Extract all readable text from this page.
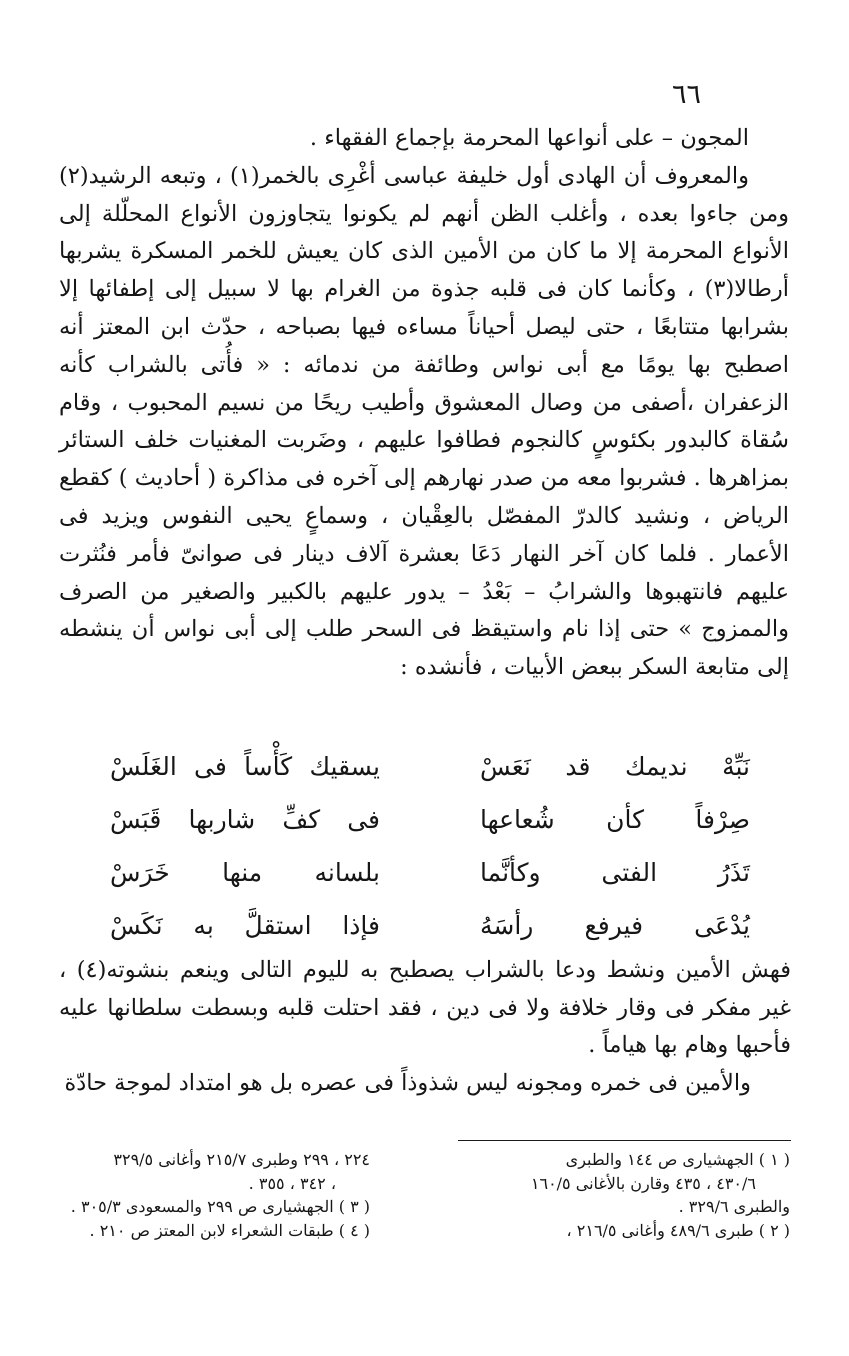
٦٦

المجون – على أنواعها المحرمة بإجماع الفقهاء .

والمعروف أن الهادى أول خليفة عباسى أغْرِى بالخمر(١) ، وتبعه الرشيد(٢) ومن جاءوا بعده ، وأغلب الظن أنهم لم يكونوا يتجاوزون الأنواع المحلّلة إلى الأنواع المحرمة إلا ما كان من الأمين الذى كان يعيش للخمر المسكرة يشربها أرطالا(٣) ، وكأنما كان فى قلبه جذوة من الغرام بها لا سبيل إلى إطفائها إلا بشرابها متتابعًا ، حتى ليصل أحياناً مساءه فيها بصباحه ، حدّث ابن المعتز أنه اصطبح بها يومًا مع أبى نواس وطائفة من ندمائه : « فأُتى بالشراب كأنه الزعفران ،أصفى من وصال المعشوق وأطيب ريحًا من نسيم المحبوب ، وقام سُقاة كالبدور بكئوسٍ كالنجوم فطافوا عليهم ، وضَربت المغنيات خلف الستائر بمزاهرها . فشربوا معه من صدر نهارهم إلى آخره فى مذاكرة ( أحاديث ) كقطع الرياض ، ونشيد كالدرّ المفصّل بالعِقْيان ، وسماعٍ يحيى النفوس ويزيد فى الأعمار . فلما كان آخر النهار دَعَا بعشرة آلاف دينار فى صوانىّ فأمر فنُثرت عليهم فانتهبوها والشرابُ – بَعْدُ – يدور عليهم بالكبير والصغير من الصرف والممزوج » حتى إذا نام واستيقظ فى السحر طلب إلى أبى نواس أن ينشطه إلى متابعة السكر ببعض الأبيات ، فأنشده :

نَبِّهْ نديمك قد نَعَسْ
يسقيك كَأْساً فى الغَلَسْ
صِرْفاً كأن شُعاعها
فى كفِّ شاربها قَبَسْ
تَذَرُ الفتى وكأنَّما
بلسانه منها خَرَسْ
يُدْعَى فيرفع رأسَهُ
فإذا استقلَّ به نَكَسْ

فهش الأمين ونشط ودعا بالشراب يصطبح به لليوم التالى وينعم بنشوته(٤) ، غير مفكر فى وقار خلافة ولا فى دين ، فقد احتلت قلبه وبسطت سلطانها عليه فأحبها وهام بها هياماً .

والأمين فى خمره ومجونه ليس شذوذاً فى عصره بل هو امتداد لموجة حادّة

( ١ ) الجهشيارى ص ١٤٤ والطبرى

٤٣٠/٦ ، ٤٣٥ وقارن بالأغانى ١٦٠/٥

والطبرى ٣٢٩/٦ .

( ٢ ) طبرى ٤٨٩/٦ وأغانى ٢١٦/٥ ،

٢٢٤ ، ٢٩٩ وطبرى ٢١٥/٧ وأغانى ٣٢٩/٥

، ٣٤٢ ، ٣٥٥ .

( ٣ ) الجهشيارى ص ٢٩٩ والمسعودى ٣٠٥/٣ .

( ٤ ) طبقات الشعراء لابن المعتز ص ٢١٠ .
